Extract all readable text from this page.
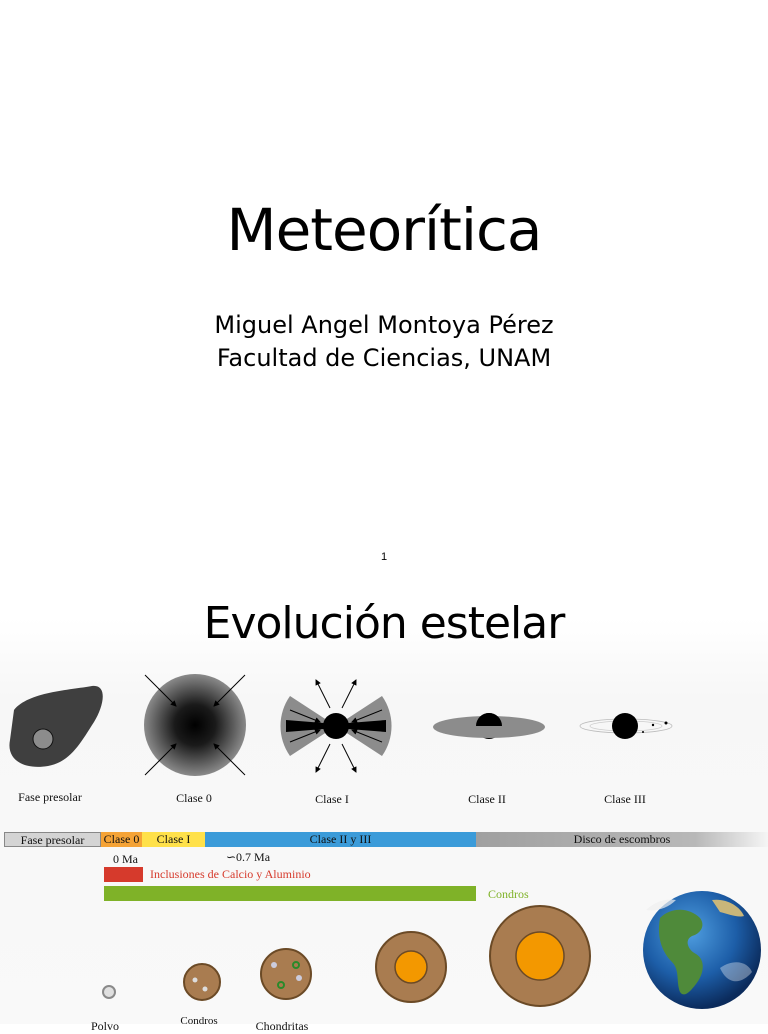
Meteorítica
Miguel Angel Montoya Pérez
Facultad de Ciencias, UNAM
1
Evolución estelar
Fase presolar	Clase 0	Clase I	Clase II	Clase III
Fase presolar	Clase 0	Clase I	Clase II y III	Disco de escombros
0 Ma	∽0.7 Ma
Inclusiones de Calcio y Aluminio
Condros
Polvo	Condros	Chondritas
